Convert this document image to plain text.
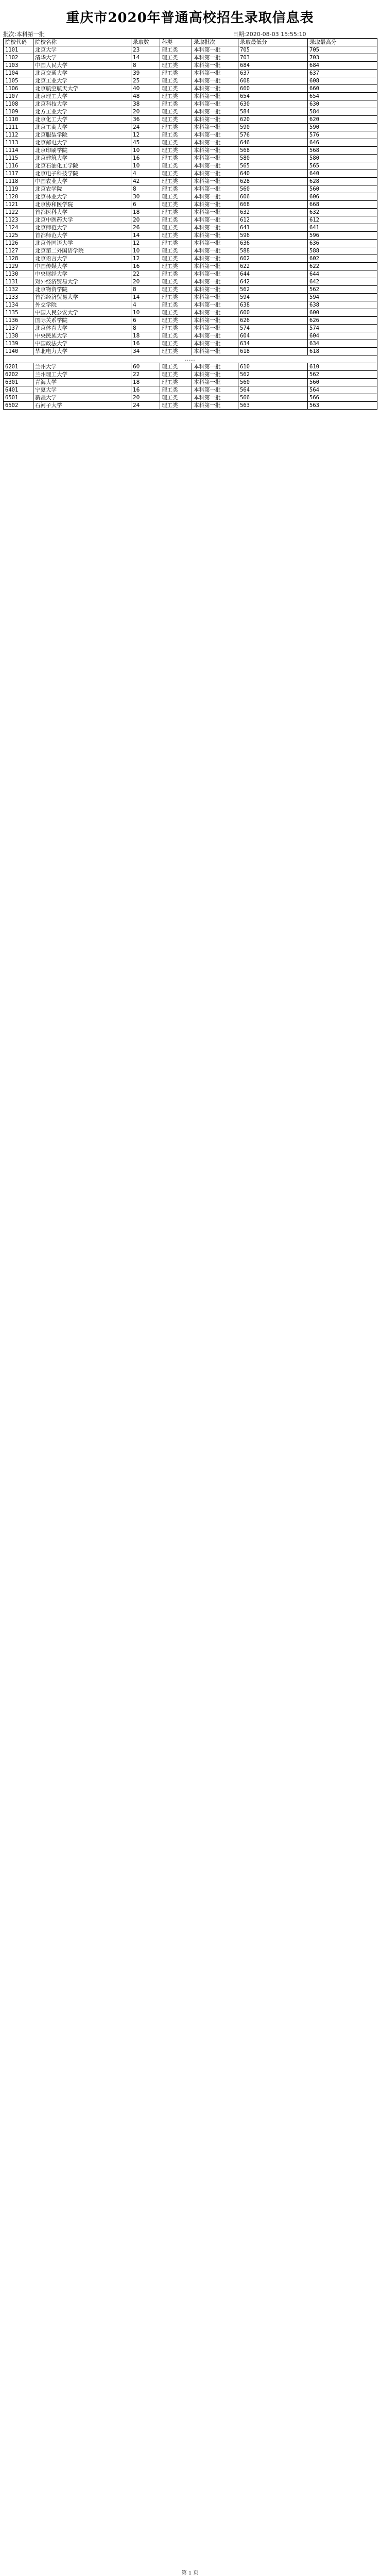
重庆市2020年普通高校招生录取信息表
批次:本科第一批	日期:2020-08-03 15:55:10
院校代码	院校名称	录取数	科类	录取批次	录取最低分	录取最高分
1101	北京大学	23	理工类	本科第一批	705	705
1102	清华大学	14	理工类	本科第一批	703	703
1103	中国人民大学	8	理工类	本科第一批	684	684
1104	北京交通大学	39	理工类	本科第一批	637	637
1105	北京工业大学	25	理工类	本科第一批	608	608
1106	北京航空航天大学	40	理工类	本科第一批	660	660
1107	北京理工大学	48	理工类	本科第一批	654	654
1108	北京科技大学	38	理工类	本科第一批	630	630
1109	北方工业大学	20	理工类	本科第一批	584	584
1110	北京化工大学	36	理工类	本科第一批	620	620
1111	北京工商大学	24	理工类	本科第一批	590	590
1112	北京服装学院	12	理工类	本科第一批	576	576
1113	北京邮电大学	45	理工类	本科第一批	646	646
1114	北京印刷学院	10	理工类	本科第一批	568	568
1115	北京建筑大学	16	理工类	本科第一批	580	580
1116	北京石油化工学院	10	理工类	本科第一批	565	565
1117	北京电子科技学院	4	理工类	本科第一批	640	640
1118	中国农业大学	42	理工类	本科第一批	628	628
1119	北京农学院	8	理工类	本科第一批	560	560
1120	北京林业大学	30	理工类	本科第一批	606	606
1121	北京协和医学院	6	理工类	本科第一批	668	668
1122	首都医科大学	18	理工类	本科第一批	632	632
1123	北京中医药大学	20	理工类	本科第一批	612	612
1124	北京师范大学	26	理工类	本科第一批	641	641
1125	首都师范大学	14	理工类	本科第一批	596	596
1126	北京外国语大学	12	理工类	本科第一批	636	636
1127	北京第二外国语学院	10	理工类	本科第一批	588	588
1128	北京语言大学	12	理工类	本科第一批	602	602
1129	中国传媒大学	16	理工类	本科第一批	622	622
1130	中央财经大学	22	理工类	本科第一批	644	644
1131	对外经济贸易大学	20	理工类	本科第一批	642	642
1132	北京物资学院	8	理工类	本科第一批	562	562
1133	首都经济贸易大学	14	理工类	本科第一批	594	594
1134	外交学院	4	理工类	本科第一批	638	638
1135	中国人民公安大学	10	理工类	本科第一批	600	600
1136	国际关系学院	6	理工类	本科第一批	626	626
1137	北京体育大学	8	理工类	本科第一批	574	574
1138	中央民族大学	18	理工类	本科第一批	604	604
1139	中国政法大学	16	理工类	本科第一批	634	634
1140	华北电力大学	34	理工类	本科第一批	618	618
……						
6201	兰州大学	60	理工类	本科第一批	610	610
6202	兰州理工大学	22	理工类	本科第一批	562	562
6301	青海大学	18	理工类	本科第一批	560	560
6401	宁夏大学	16	理工类	本科第一批	564	564
6501	新疆大学	20	理工类	本科第一批	566	566
6502	石河子大学	24	理工类	本科第一批	563	563
第 1 页
